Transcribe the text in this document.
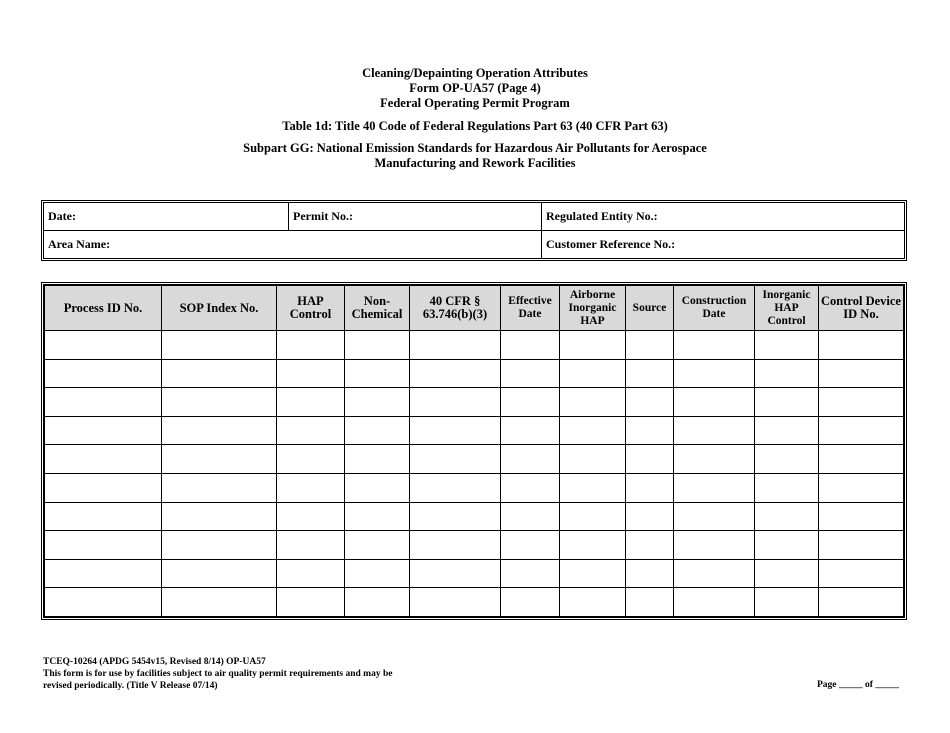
Cleaning/Depainting Operation Attributes
Form OP-UA57 (Page 4)
Federal Operating Permit Program
Table 1d: Title 40 Code of Federal Regulations Part 63 (40 CFR Part 63)
Subpart GG: National Emission Standards for Hazardous Air Pollutants for Aerospace
Manufacturing and Rework Facilities
Date:	Permit No.:	Regulated Entity No.:
Area Name:	Customer Reference No.:
Process ID No.	SOP Index No.	HAP Control	Non-Chemical	40 CFR § 63.746(b)(3)	Effective Date	Airborne Inorganic HAP	Source	Construction Date	Inorganic HAP Control	Control Device ID No.

TCEQ-10264 (APDG 5454v15, Revised 8/14) OP-UA57
This form is for use by facilities subject to air quality permit requirements and may be
revised periodically. (Title V Release 07/14)	Page _____ of _____
